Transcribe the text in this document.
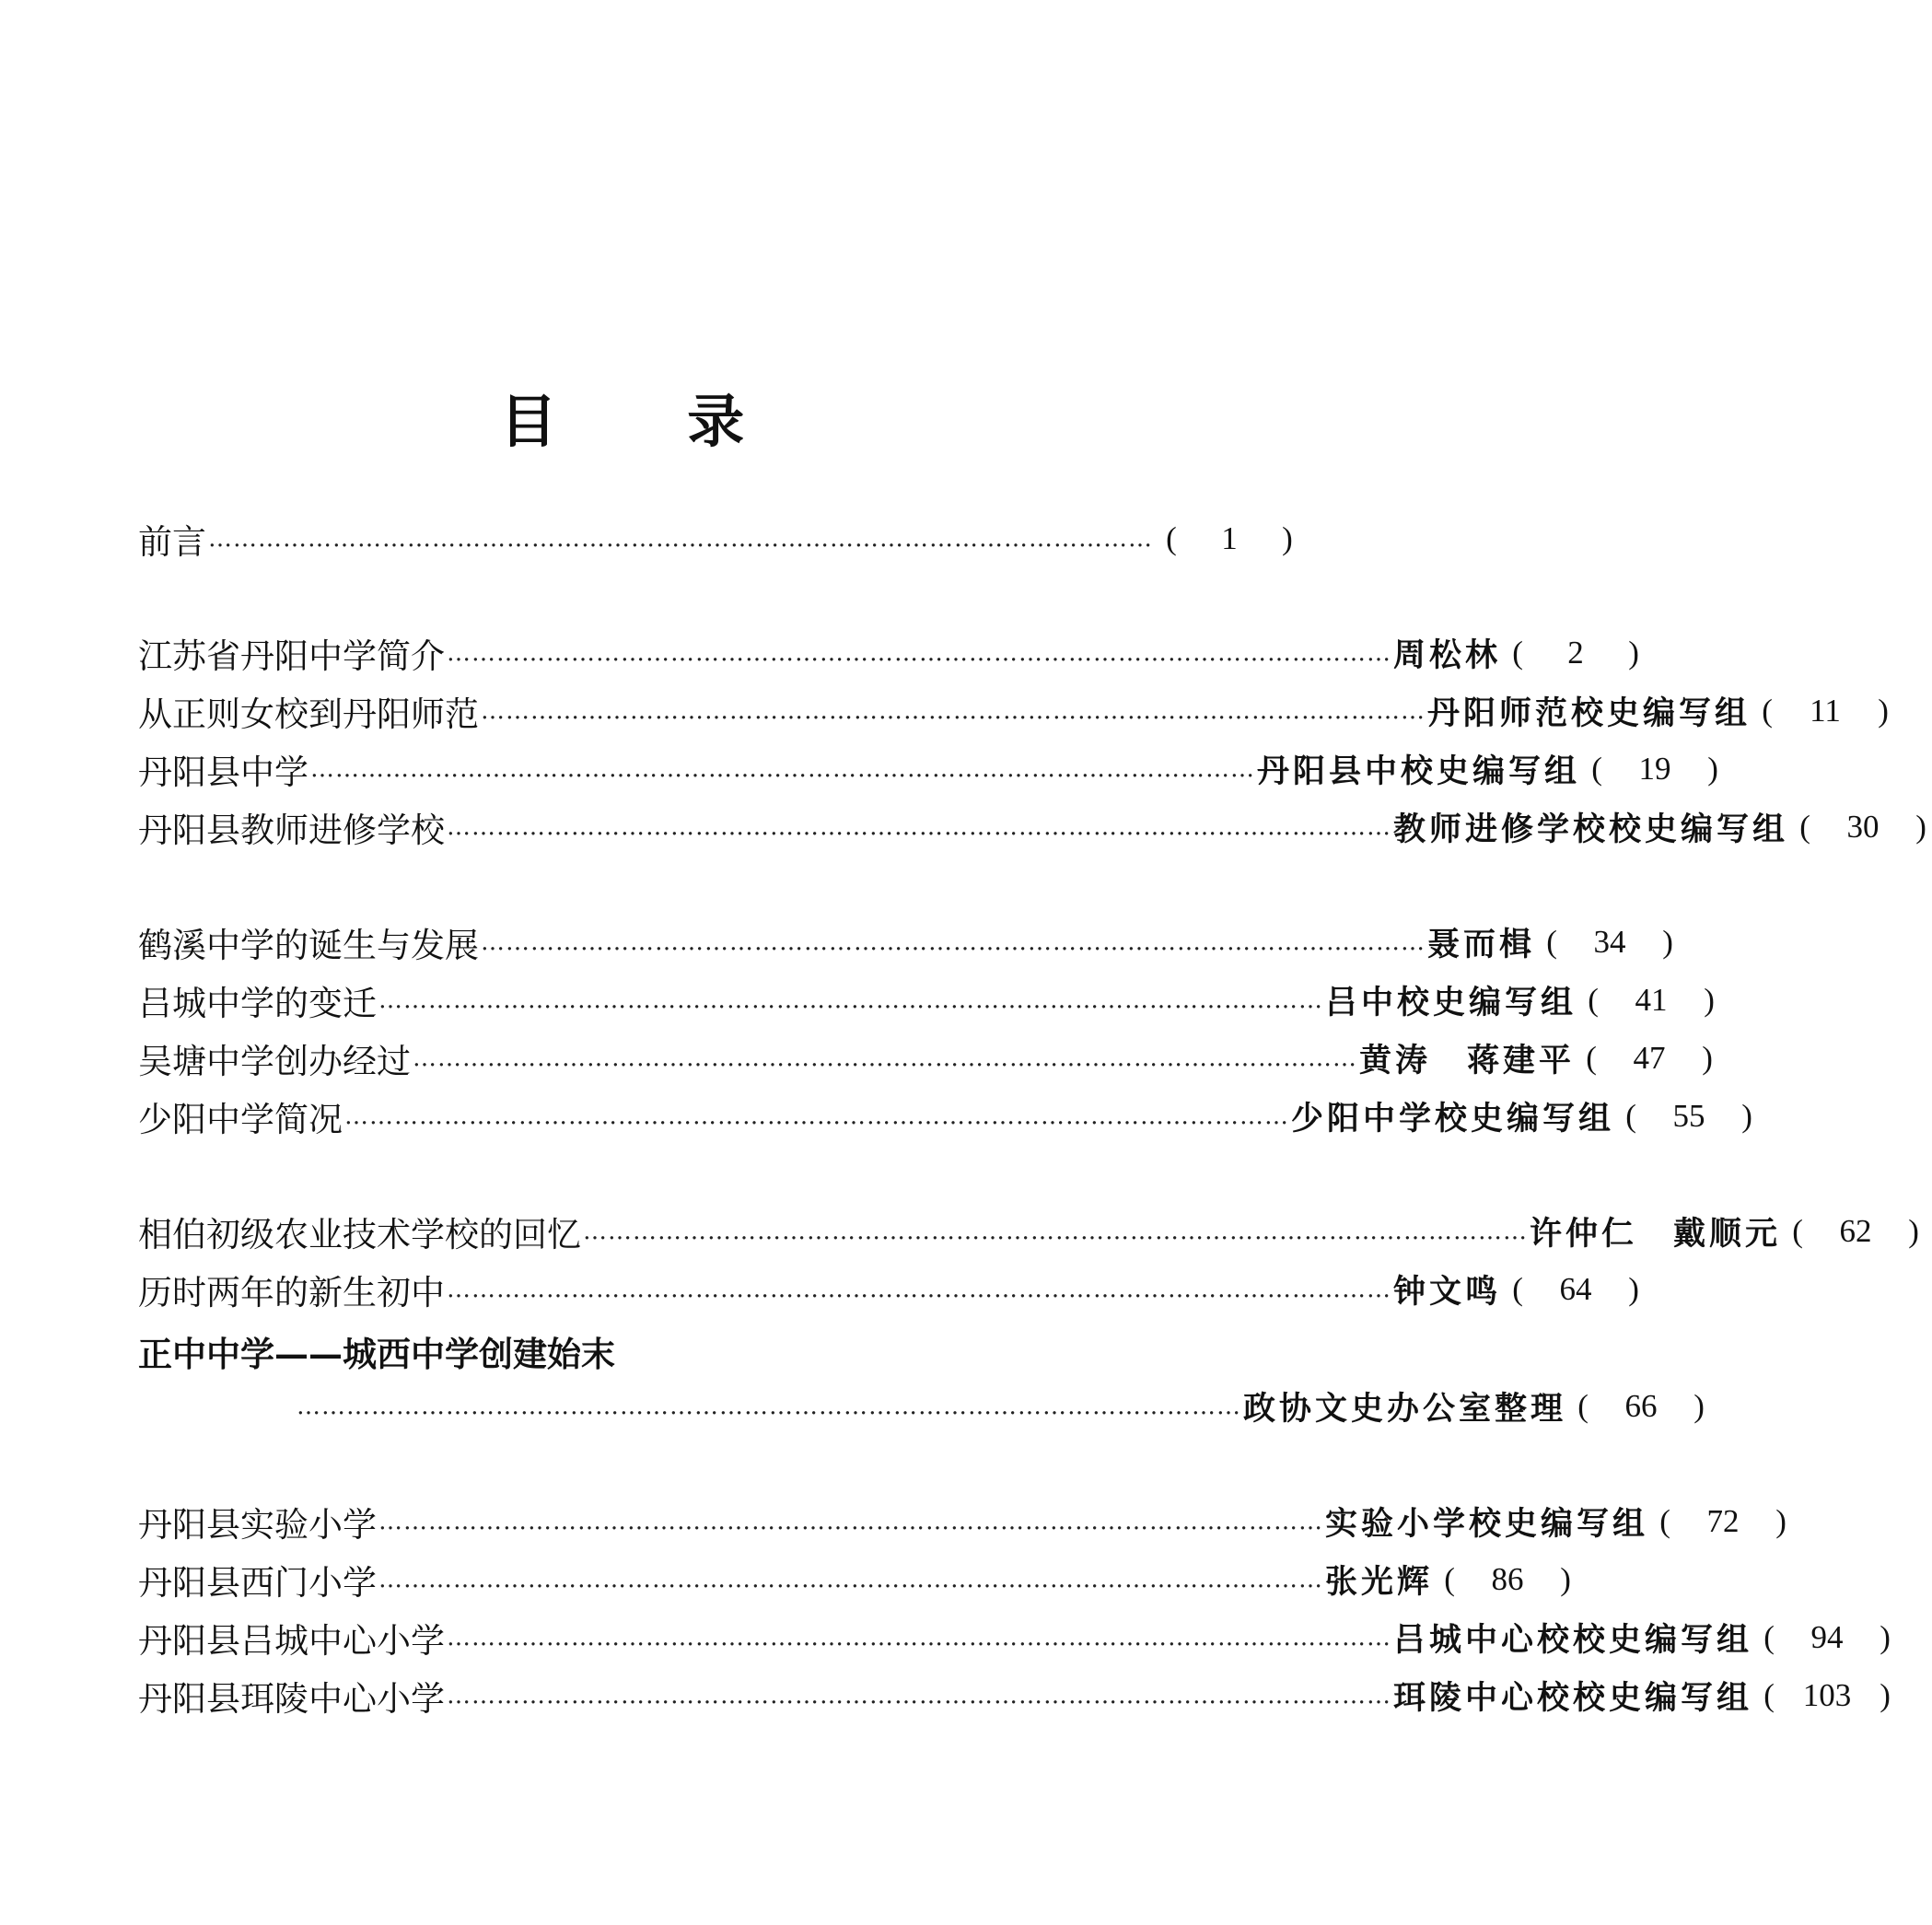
目 录
前言 …………………………………………………………………………………………………… (	1	)
江苏省丹阳中学简介 …………………………………………………………………………………………………… 周松林 (	2	)
从正则女校到丹阳师范 …………………………………………………………………………………………………… 丹阳师范校史编写组 (	11	)
丹阳县中学 …………………………………………………………………………………………………… 丹阳县中校史编写组 (	19	)
丹阳县教师进修学校 …………………………………………………………………………………………………… 教师进修学校校史编写组 (	30	)
鹤溪中学的诞生与发展 …………………………………………………………………………………………………… 聂而楫 (	34	)
吕城中学的变迁 …………………………………………………………………………………………………… 吕中校史编写组 (	41	)
吴塘中学创办经过 …………………………………………………………………………………………………… 黄涛　蒋建平 (	47	)
少阳中学简况 …………………………………………………………………………………………………… 少阳中学校史编写组 (	55	)
相伯初级农业技术学校的回忆 …………………………………………………………………………………………………… 许仲仁　戴顺元 (	62	)
历时两年的新生初中 …………………………………………………………………………………………………… 钟文鸣 (	64	)
正中中学——城西中学创建始末
…………………………………………………………………………………………………… 政协文史办公室整理 (	66	)
丹阳县实验小学 …………………………………………………………………………………………………… 实验小学校史编写组 (	72	)
丹阳县西门小学 …………………………………………………………………………………………………… 张光辉 (	86	)
丹阳县吕城中心小学 …………………………………………………………………………………………………… 吕城中心校校史编写组 (	94	)
丹阳县珥陵中心小学 …………………………………………………………………………………………………… 珥陵中心校校史编写组 ( 103 )
